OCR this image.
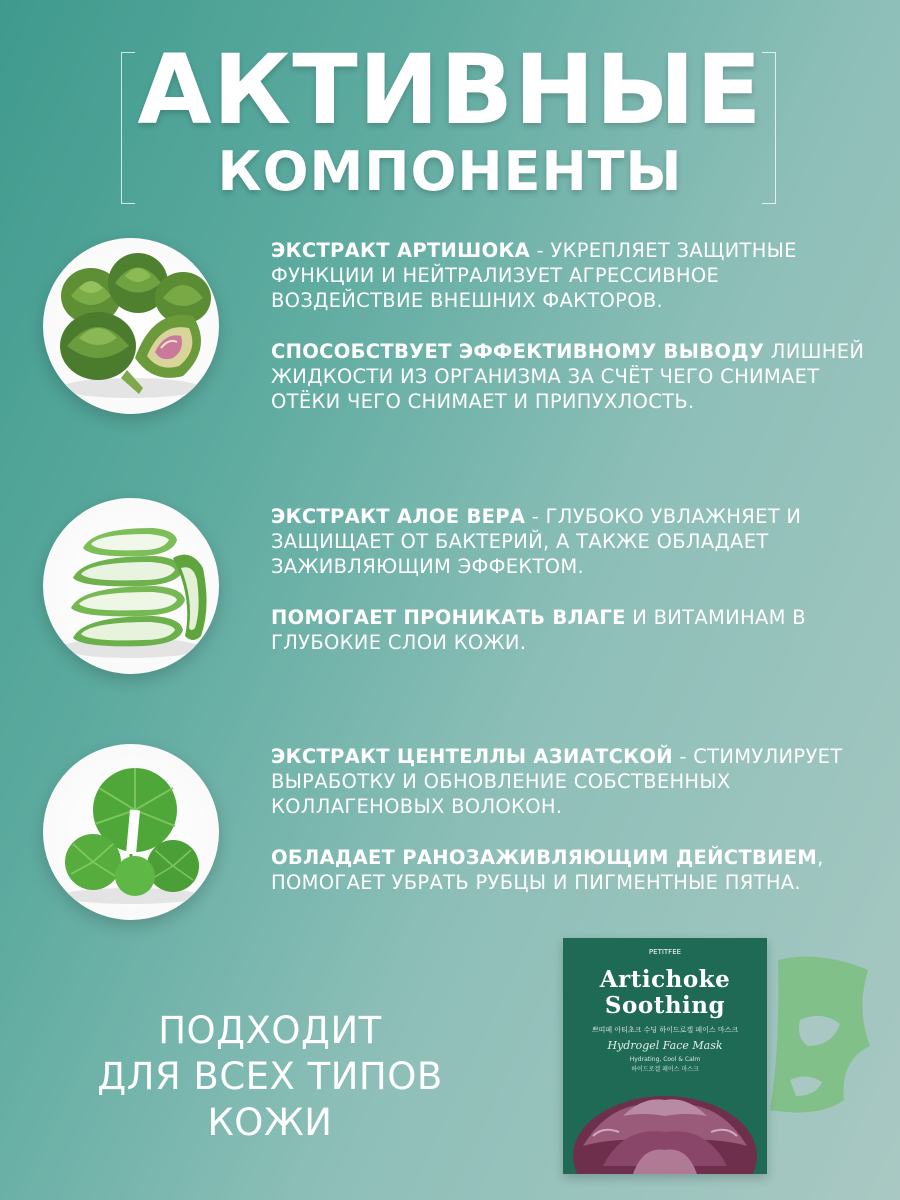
АКТИВНЫЕ
КОМПОНЕНТЫ

ЭКСТРАКТ АРТИШОКА - УКРЕПЛЯЕТ ЗАЩИТНЫЕ ФУНКЦИИ И НЕЙТРАЛИЗУЕТ АГРЕССИВНОЕ ВОЗДЕЙСТВИЕ ВНЕШНИХ ФАКТОРОВ.

СПОСОБСТВУЕТ ЭФФЕКТИВНОМУ ВЫВОДУ ЛИШНЕЙ ЖИДКОСТИ ИЗ ОРГАНИЗМА ЗА СЧЁТ ЧЕГО СНИМАЕТ ОТЁКИ ЧЕГО СНИМАЕТ И ПРИПУХЛОСТЬ.

ЭКСТРАКТ АЛОЕ ВЕРА - ГЛУБОКО УВЛАЖНЯЕТ И ЗАЩИЩАЕТ ОТ БАКТЕРИЙ, А ТАКЖЕ ОБЛАДАЕТ ЗАЖИВЛЯЮЩИМ ЭФФЕКТОМ.

ПОМОГАЕТ ПРОНИКАТЬ ВЛАГЕ И ВИТАМИНАМ В ГЛУБОКИЕ СЛОИ КОЖИ.

ЭКСТРАКТ ЦЕНТЕЛЛЫ АЗИАТСКОЙ - СТИМУЛИРУЕТ ВЫРАБОТКУ И ОБНОВЛЕНИЕ СОБСТВЕННЫХ КОЛЛАГЕНОВЫХ ВОЛОКОН.

ОБЛАДАЕТ РАНОЗАЖИВЛЯЮЩИМ ДЕЙСТВИЕМ, ПОМОГАЕТ УБРАТЬ РУБЦЫ И ПИГМЕНТНЫЕ ПЯТНА.

ПОДХОДИТ
ДЛЯ ВСЕХ ТИПОВ КОЖИ
PETITFEE
Artichoke
Soothing
쁘띠페 아티초크 수딩 하이드로겔 페이스 마스크
Hydrogel Face Mask
Hydrating, Cool & Calm
하이드로겔 페이스 마스크
